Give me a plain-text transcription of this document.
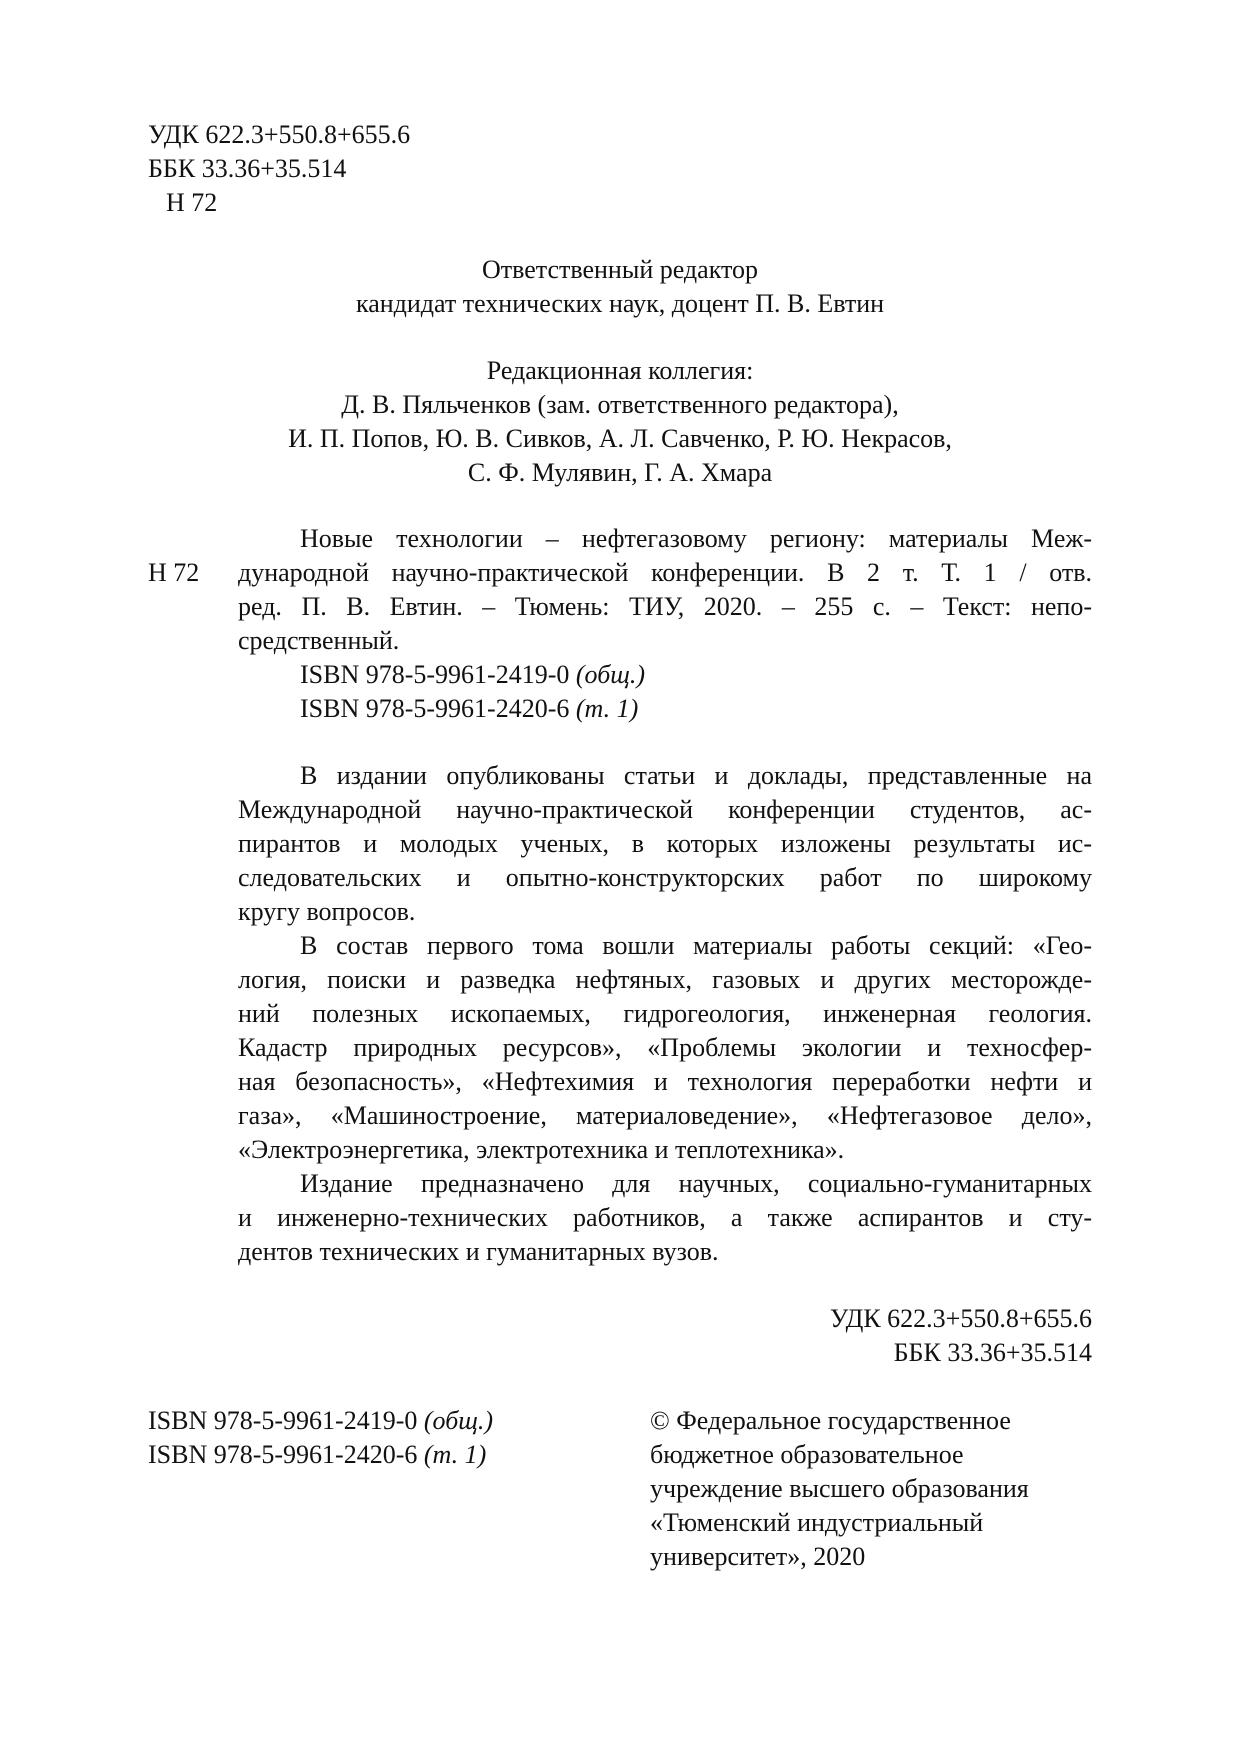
УДК 622.3+550.8+655.6
ББК 33.36+35.514
Н 72
Ответственный редактор
кандидат технических наук, доцент П. В. Евтин
Редакционная коллегия:
Д. В. Пяльченков (зам. ответственного редактора),
И. П. Попов, Ю. В. Сивков, А. Л. Савченко, Р. Ю. Некрасов,
С. Ф. Мулявин, Г. А. Хмара
Н 72
Новые технологии – нефтегазовому региону: материалы Меж-
дународной научно-практической конференции. В 2 т. Т. 1 / отв.
ред. П. В. Евтин. – Тюмень: ТИУ, 2020. – 255 с. – Текст: непо-
средственный.
ISBN 978-5-9961-2419-0 (общ.)
ISBN 978-5-9961-2420-6 (т. 1)
В издании опубликованы статьи и доклады, представленные на
Международной научно-практической конференции студентов, ас-
пирантов и молодых ученых, в которых изложены результаты ис-
следовательских и опытно-конструкторских работ по широкому
кругу вопросов.
В состав первого тома вошли материалы работы секций: «Гео-
логия, поиски и разведка нефтяных, газовых и других месторожде-
ний полезных ископаемых, гидрогеология, инженерная геология.
Кадастр природных ресурсов», «Проблемы экологии и техносфер-
ная безопасность», «Нефтехимия и технология переработки нефти и
газа», «Машиностроение, материаловедение», «Нефтегазовое дело»,
«Электроэнергетика, электротехника и теплотехника».
Издание предназначено для научных, социально-гуманитарных
и инженерно-технических работников, а также аспирантов и сту-
дентов технических и гуманитарных вузов.
УДК 622.3+550.8+655.6
ББК 33.36+35.514
ISBN 978-5-9961-2419-0 (общ.)
ISBN 978-5-9961-2420-6 (т. 1)
© Федеральное государственное
бюджетное образовательное
учреждение высшего образования
«Тюменский индустриальный
университет», 2020
